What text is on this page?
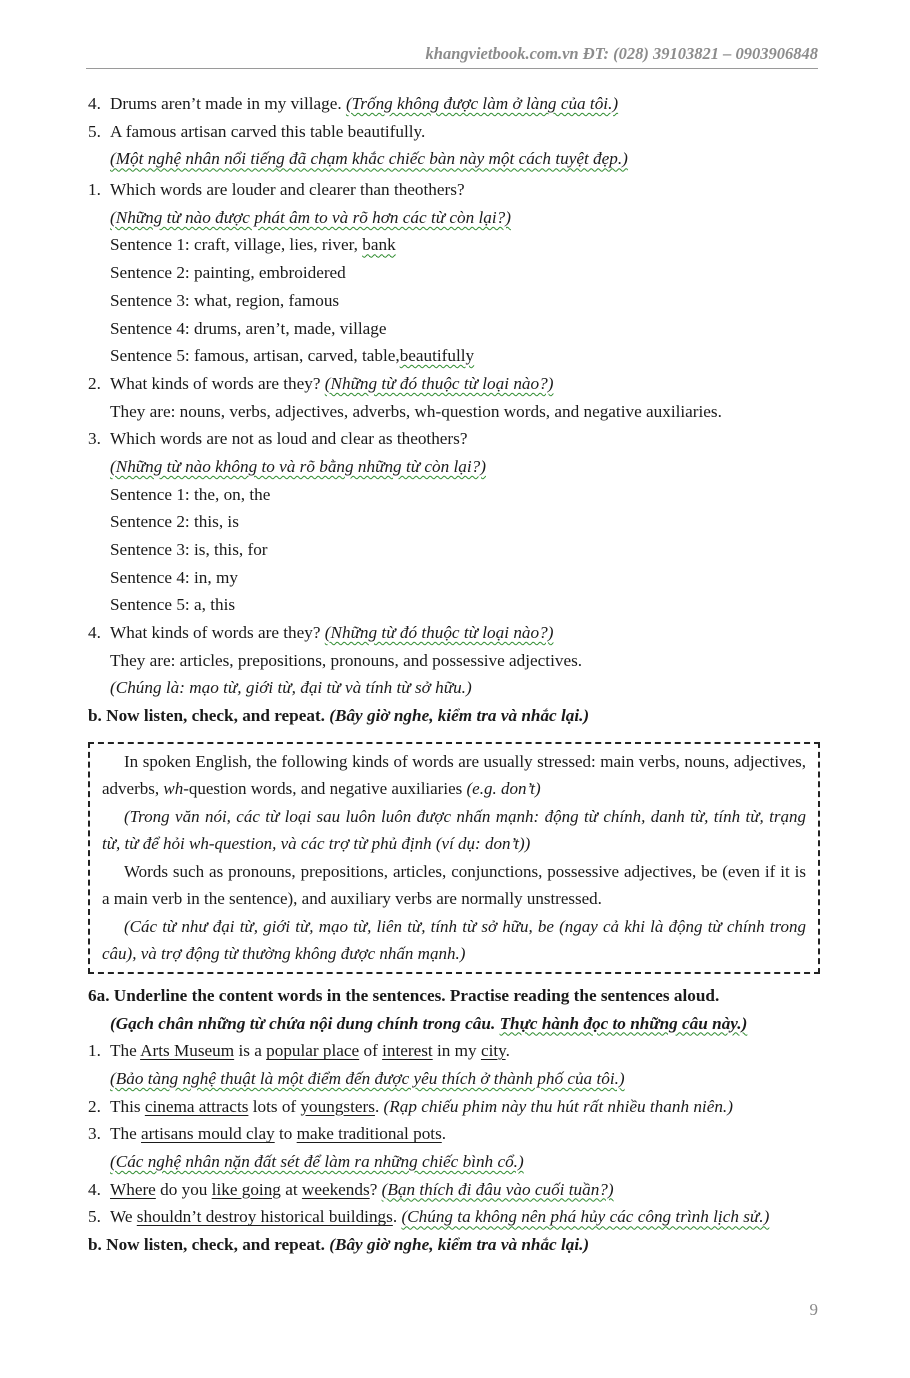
khangvietbook.com.vn ĐT: (028) 39103821 – 0903906848
4. Drums aren’t made in my village. (Trống không được làm ở làng của tôi.)
5. A famous artisan carved this table beautifully.
(Một nghệ nhân nổi tiếng đã chạm khắc chiếc bàn này một cách tuyệt đẹp.)
1. Which words are louder and clearer than theothers?
(Những từ nào được phát âm to và rõ hơn các từ còn lại?)
Sentence 1: craft, village, lies, river, bank
Sentence 2: painting, embroidered
Sentence 3: what, region, famous
Sentence 4: drums, aren’t, made, village
Sentence 5: famous, artisan, carved, table,beautifully
2. What kinds of words are they? (Những từ đó thuộc từ loại nào?)
They are: nouns, verbs, adjectives, adverbs, wh-question words, and negative auxiliaries.
3. Which words are not as loud and clear as theothers?
(Những từ nào không to và rõ bằng những từ còn lại?)
Sentence 1: the, on, the
Sentence 2: this, is
Sentence 3: is, this, for
Sentence 4: in, my
Sentence 5: a, this
4. What kinds of words are they? (Những từ đó thuộc từ loại nào?)
They are: articles, prepositions, pronouns, and possessive adjectives.
(Chúng là: mạo từ, giới từ, đại từ và tính từ sở hữu.)
b. Now listen, check, and repeat. (Bây giờ nghe, kiểm tra và nhắc lại.)

In spoken English, the following kinds of words are usually stressed: main verbs, nouns, adjectives, adverbs, wh-question words, and negative auxiliaries (e.g. don’t)

(Trong văn nói, các từ loại sau luôn luôn được nhấn mạnh: động từ chính, danh từ, tính từ, trạng từ, từ để hỏi wh-question, và các trợ từ phủ định (ví dụ: don’t))

Words such as pronouns, prepositions, articles, conjunctions, possessive adjectives, be (even if it is a main verb in the sentence), and auxiliary verbs are normally unstressed.

(Các từ như đại từ, giới từ, mạo từ, liên từ, tính từ sở hữu, be (ngay cả khi là động từ chính trong câu), và trợ động từ thường không được nhấn mạnh.)

6a. Underline the content words in the sentences. Practise reading the sentences aloud.
(Gạch chân những từ chứa nội dung chính trong câu. Thực hành đọc to những câu này.)
1. The Arts Museum is a popular place of interest in my city.
(Bảo tàng nghệ thuật là một điểm đến được yêu thích ở thành phố của tôi.)
2. This cinema attracts lots of youngsters. (Rạp chiếu phim này thu hút rất nhiều thanh niên.)
3. The artisans mould clay to make traditional pots.
(Các nghệ nhân nặn đất sét để làm ra những chiếc bình cổ.)
4. Where do you like going at weekends? (Bạn thích đi đâu vào cuối tuần?)
5. We shouldn’t destroy historical buildings. (Chúng ta không nên phá hủy các công trình lịch sử.)
b. Now listen, check, and repeat. (Bây giờ nghe, kiểm tra và nhắc lại.)
9
